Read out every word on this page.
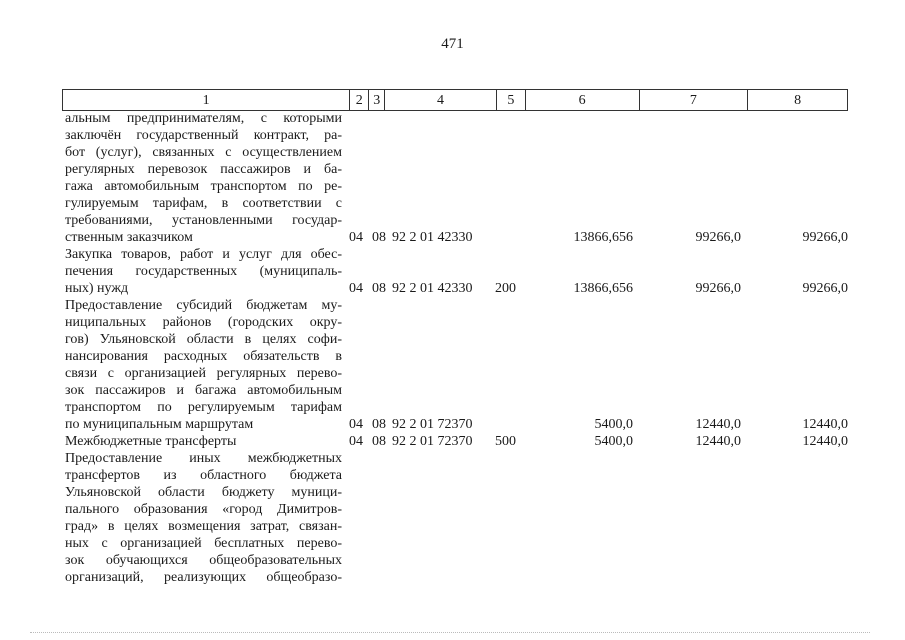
471
1	2 3	4	5	6	7	8
альным предпринимателям, с которыми
заключён государственный контракт, ра-
бот (услуг), связанных с осуществлением
регулярных перевозок пассажиров и ба-
гажа автомобильным транспортом по ре-
гулируемым тарифам, в соответствии с
требованиями, установленными государ-
ственным заказчиком	04 08 92 2 01 42330	13866,656	99266,0	99266,0
Закупка товаров, работ и услуг для обес-
печения государственных (муниципаль-
ных) нужд	04 08 92 2 01 42330 200	13866,656	99266,0	99266,0
Предоставление субсидий бюджетам му-
ниципальных районов (городских окру-
гов) Ульяновской области в целях софи-
нансирования расходных обязательств в
связи с организацией регулярных перево-
зок пассажиров и багажа автомобильным
транспортом по регулируемым тарифам
по муниципальным маршрутам	04 08 92 2 01 72370	5400,0	12440,0	12440,0
Межбюджетные трансферты	04 08 92 2 01 72370 500	5400,0	12440,0	12440,0
Предоставление иных межбюджетных
трансфертов из областного бюджета
Ульяновской области бюджету муници-
пального образования «город Димитров-
град» в целях возмещения затрат, связан-
ных с организацией бесплатных перево-
зок обучающихся общеобразовательных
организаций, реализующих общеобразо-
